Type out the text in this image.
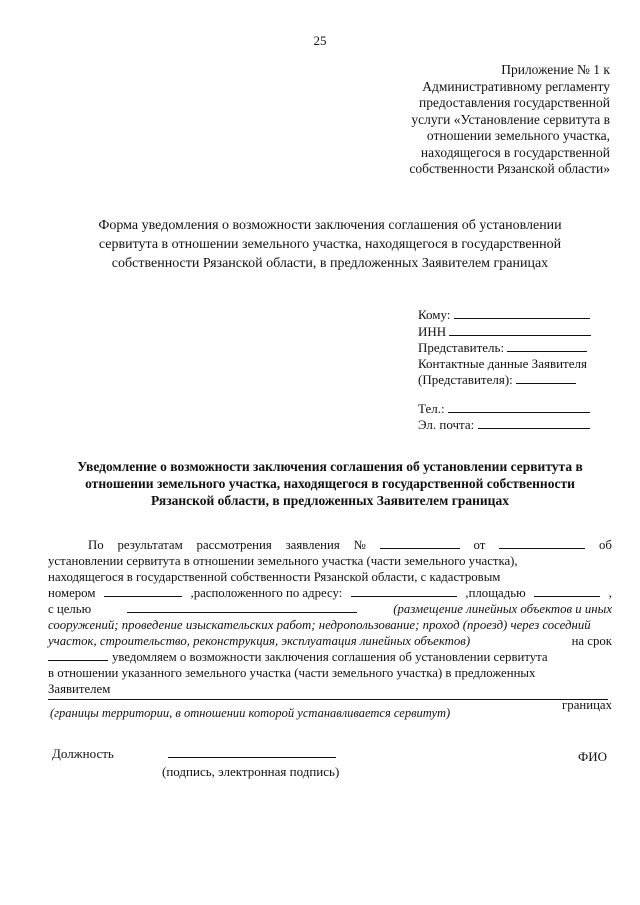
25
Приложение № 1 к
Административному регламенту
предоставления государственной
услуги «Установление сервитута в
отношении земельного участка,
находящегося в государственной
собственности Рязанской области»
Форма уведомления о возможности заключения соглашения об установлении
сервитута в отношении земельного участка, находящегося в государственной
собственности Рязанской области, в предложенных Заявителем границах
Кому:
ИНН
Представитель:
Контактные данные Заявителя
(Представителя):
Тел.:
Эл. почта:
Уведомление о возможности заключения соглашения об установлении сервитута в
отношении земельного участка, находящегося в государственной собственности
Рязанской области, в предложенных Заявителем границах
По результатам рассмотрения заявления №	от	об
установлении сервитута в отношении земельного участка (части земельного участка),
находящегося в государственной собственности Рязанской области, с кадастровым
номером	,расположенного по адресу:	,площадью	,
с целью	(размещение линейных объектов и иных
сооружений; проведение изыскательских работ; недропользование; проход (проезд) через соседний
участок, строительство, реконструкция, эксплуатация линейных объектов)	на срок
уведомляем о возможности заключения соглашения об установлении сервитута
в отношении указанного земельного участка (части земельного участка) в предложенных
Заявителем
границах
(границы территории, в отношении которой устанавливается сервитут)
Должность
(подпись, электронная подпись)
ФИО
